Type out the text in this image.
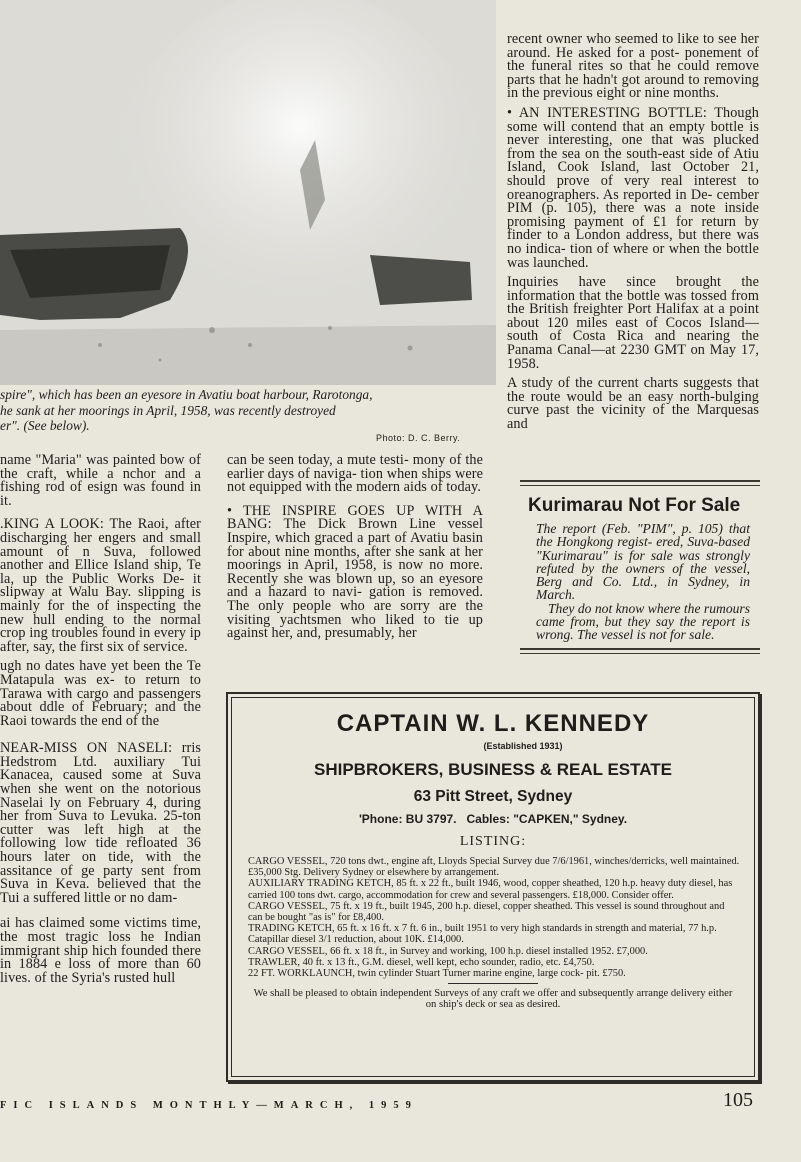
spire", which has been an eyesore in Avatiu boat harbour, Rarotonga,
he sank at her moorings in April, 1958, was recently destroyed
er". (See below).
Photo: D. C. Berry.

name "Maria" was painted bow of the craft, while a nchor and a fishing rod of esign was found in it.

.KING A LOOK: The Raoi, after discharging her engers and small amount of n Suva, followed another and Ellice Island ship, Te la, up the Public Works De- it slipway at Walu Bay. slipping is mainly for the of inspecting the new hull ending to the normal crop ing troubles found in every ip after, say, the first six of service.

ugh no dates have yet been the Te Matapula was ex- to return to Tarawa with cargo and passengers about ddle of February; and the Raoi towards the end of the

NEAR-MISS ON NASELI: rris Hedstrom Ltd. auxiliary Tui Kanacea, caused some at Suva when she went on the notorious Naselai ly on February 4, during her from Suva to Levuka. 25-ton cutter was left high at the following low tide refloated 36 hours later on tide, with the assitance of ge party sent from Suva in Keva. believed that the Tui a suffered little or no dam-

ai has claimed some victims time, the most tragic loss he Indian immigrant ship hich founded there in 1884 e loss of more than 60 lives. of the Syria's rusted hull

can be seen today, a mute testi- mony of the earlier days of naviga- tion when ships were not equipped with the modern aids of today.

• THE INSPIRE GOES UP WITH A BANG: The Dick Brown Line vessel Inspire, which graced a part of Avatiu basin for about nine months, after she sank at her moorings in April, 1958, is now no more. Recently she was blown up, so an eyesore and a hazard to navi- gation is removed. The only people who are sorry are the visiting yachtsmen who liked to tie up against her, and, presumably, her

recent owner who seemed to like to see her around. He asked for a post- ponement of the funeral rites so that he could remove parts that he hadn't got around to removing in the previous eight or nine months.

• AN INTERESTING BOTTLE: Though some will contend that an empty bottle is never interesting, one that was plucked from the sea on the south-east side of Atiu Island, Cook Island, last October 21, should prove of very real interest to oreanographers. As reported in De- cember PIM (p. 105), there was a note inside promising payment of £1 for return by finder to a London address, but there was no indica- tion of where or when the bottle was launched.

Inquiries have since brought the information that the bottle was tossed from the British freighter Port Halifax at a point about 120 miles east of Cocos Island—south of Costa Rica and nearing the Panama Canal—at 2230 GMT on May 17, 1958.

A study of the current charts suggests that the route would be an easy north-bulging curve past the vicinity of the Marquesas and

Kurimarau Not For Sale

The report (Feb. "PIM", p. 105) that the Hongkong regist- ered, Suva-based "Kurimarau" is for sale was strongly refuted by the owners of the vessel, Berg and Co. Ltd., in Sydney, in March.

They do not know where the rumours came from, but they say the report is wrong. The vessel is not for sale.

CAPTAIN W. L. KENNEDY
(Established 1931)
SHIPBROKERS, BUSINESS & REAL ESTATE
63 Pitt Street, Sydney
'Phone: BU 3797. Cables: "CAPKEN," Sydney.
LISTING:

CARGO VESSEL, 720 tons dwt., engine aft, Lloyds Special Survey due 7/6/1961, winches/derricks, well maintained. £35,000 Stg. Delivery Sydney or elsewhere by arrangement.

AUXILIARY TRADING KETCH, 85 ft. x 22 ft., built 1946, wood, copper sheathed, 120 h.p. heavy duty diesel, has carried 100 tons dwt. cargo, accommodation for crew and several passengers. £18,000. Consider offer.

CARGO VESSEL, 75 ft. x 19 ft., built 1945, 200 h.p. diesel, copper sheathed. This vessel is sound throughout and can be bought "as is" for £8,400.

TRADING KETCH, 65 ft. x 16 ft. x 7 ft. 6 in., built 1951 to very high standards in strength and material, 77 h.p. Catapillar diesel 3/1 reduction, about 10K. £14,000.

CARGO VESSEL, 66 ft. x 18 ft., in Survey and working, 100 h.p. diesel installed 1952. £7,000.

TRAWLER, 40 ft. x 13 ft., G.M. diesel, well kept, echo sounder, radio, etc. £4,750.

22 FT. WORKLAUNCH, twin cylinder Stuart Turner marine engine, large cock- pit. £750.

We shall be pleased to obtain independent Surveys of any craft we offer and subsequently arrange delivery either on ship's deck or sea as desired.
FIC ISLANDS MONTHLY—MARCH, 1959	105
